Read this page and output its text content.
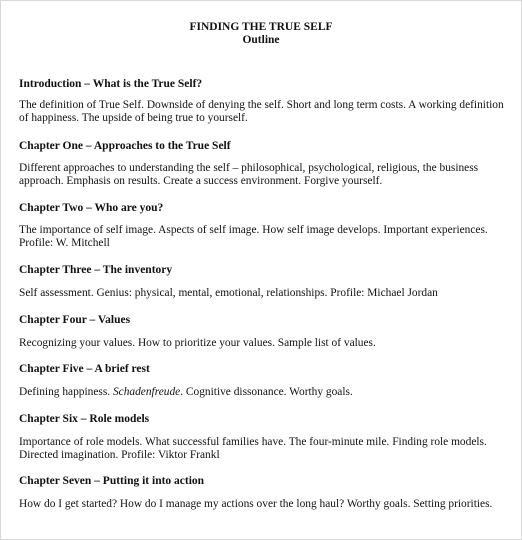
FINDING THE TRUE SELF
Outline

Introduction – What is the True Self?

The definition of True Self. Downside of denying the self. Short and long term costs. A working definition of happiness. The upside of being true to yourself.

Chapter One – Approaches to the True Self

Different approaches to understanding the self – philosophical, psychological, religious, the business approach. Emphasis on results. Create a success environment. Forgive yourself.

Chapter Two – Who are you?

The importance of self image. Aspects of self image. How self image develops. Important experiences. Profile: W. Mitchell

Chapter Three – The inventory

Self assessment. Genius: physical, mental, emotional, relationships. Profile: Michael Jordan

Chapter Four – Values

Recognizing your values. How to prioritize your values. Sample list of values.

Chapter Five – A brief rest

Defining happiness. Schadenfreude. Cognitive dissonance. Worthy goals.

Chapter Six – Role models

Importance of role models. What successful families have. The four-minute mile. Finding role models. Directed imagination. Profile: Viktor Frankl

Chapter Seven – Putting it into action

How do I get started? How do I manage my actions over the long haul? Worthy goals. Setting priorities.
